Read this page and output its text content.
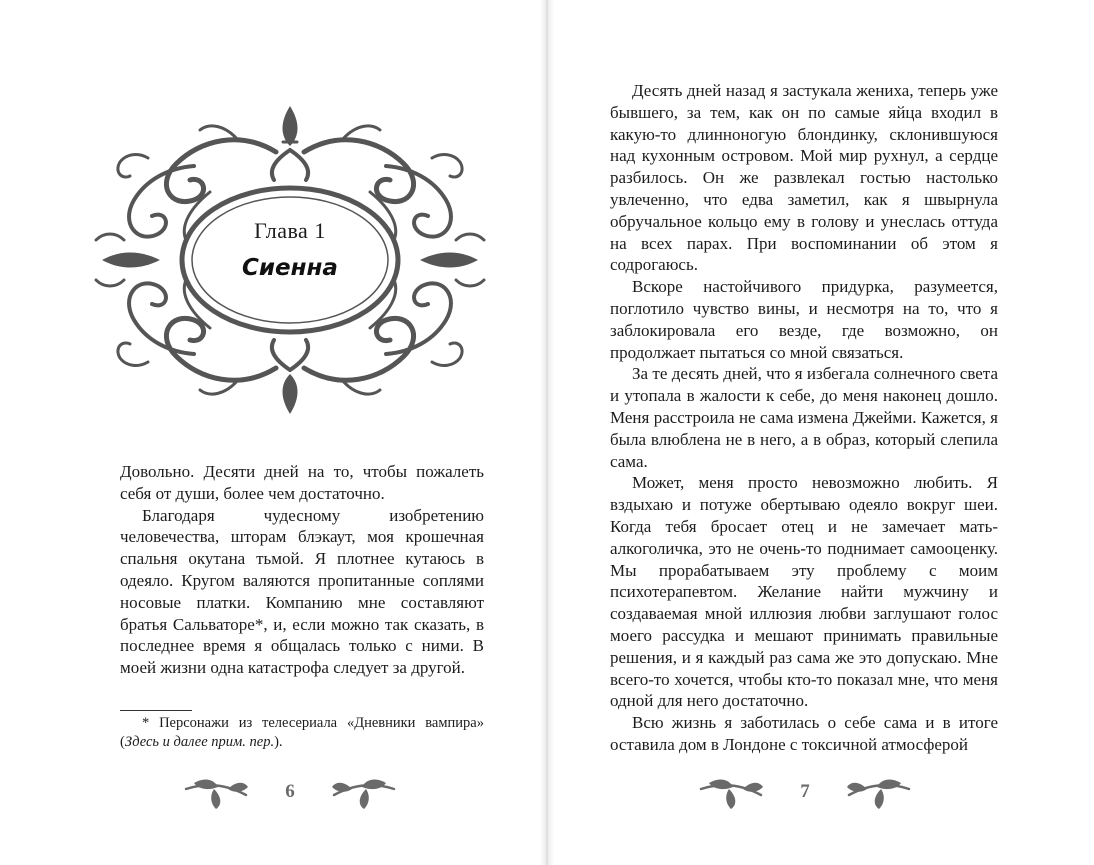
Глава 1
Сиенна

Довольно. Десяти дней на то, чтобы пожалеть себя от души, более чем достаточно.

Благодаря чудесному изобретению человечества, шторам блэкаут, моя крошечная спальня окутана тьмой. Я плотнее кутаюсь в одеяло. Кругом валяются пропитанные соплями носовые платки. Компанию мне составляют братья Сальваторе*, и, если можно так сказать, в последнее время я общалась только с ними. В моей жизни одна катастрофа следует за другой.

* Персонажи из телесериала «Дневники вампира» (Здесь и далее прим. пер.).

Десять дней назад я застукала жениха, теперь уже бывшего, за тем, как он по самые яйца входил в какую-то длинноногую блондинку, склонившуюся над кухонным островом. Мой мир рухнул, а сердце разбилось. Он же развлекал гостью настолько увлеченно, что едва заметил, как я швырнула обручальное кольцо ему в голову и унеслась оттуда на всех парах. При воспоминании об этом я содрогаюсь.

Вскоре настойчивого придурка, разумеется, поглотило чувство вины, и несмотря на то, что я заблокировала его везде, где возможно, он продолжает пытаться со мной связаться.

За те десять дней, что я избегала солнечного света и утопала в жалости к себе, до меня наконец дошло. Меня расстроила не сама измена Джейми. Кажется, я была влюблена не в него, а в образ, который слепила сама.

Может, меня просто невозможно любить. Я вздыхаю и потуже обертываю одеяло вокруг шеи. Когда тебя бросает отец и не замечает мать-алкоголичка, это не очень-то поднимает самооценку. Мы прорабатываем эту проблему с моим психотерапевтом. Желание найти мужчину и создаваемая мной иллюзия любви заглушают голос моего рассудка и мешают принимать правильные решения, и я каждый раз сама же это допускаю. Мне всего-то хочется, чтобы кто-то показал мне, что меня одной для него достаточно.

Всю жизнь я заботилась о себе сама и в итоге оставила дом в Лондоне с токсичной атмосферой

6	7
